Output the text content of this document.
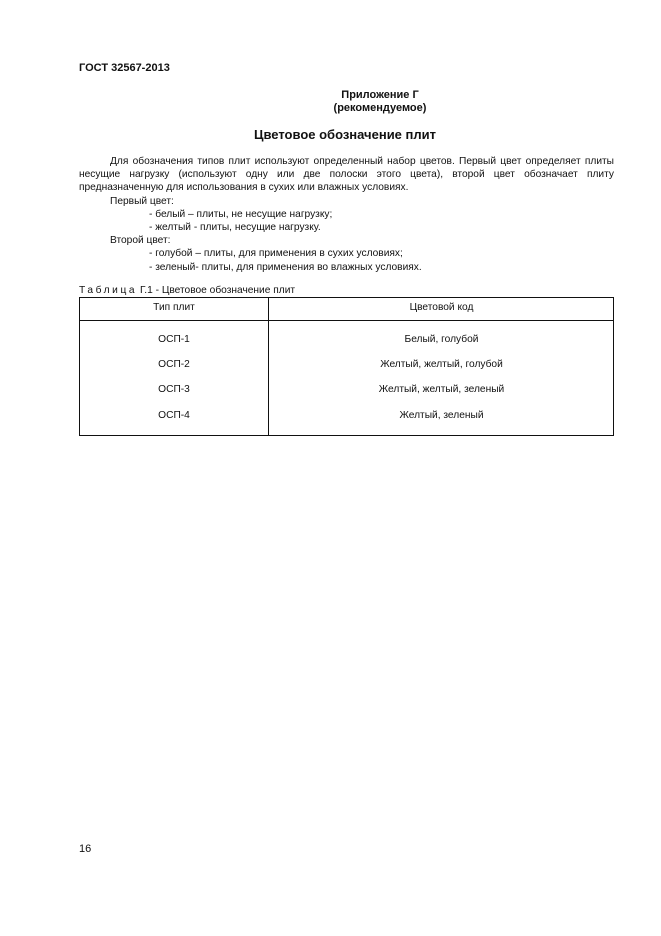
ГОСТ 32567-2013
Приложение Г
(рекомендуемое)
Цветовое обозначение плит

Для обозначения типов плит используют определенный набор цветов. Первый цвет определяет плиты несущие нагрузку (используют одну или две полоски этого цвета), второй цвет обозначает плиту предназначенную для использования в сухих или влажных условиях.

Первый цвет:

- белый – плиты, не несущие нагрузку;

- желтый - плиты, несущие нагрузку.

Второй цвет:

- голубой – плиты, для применения в сухих условиях;

- зеленый- плиты, для применения во влажных условиях.

Таблица Г.1 - Цветовое обозначение плит
Тип плит	Цветовой код
ОСП-1	Белый, голубой
ОСП-2	Желтый, желтый, голубой
ОСП-3	Желтый, желтый, зеленый
ОСП-4	Желтый, зеленый
16
